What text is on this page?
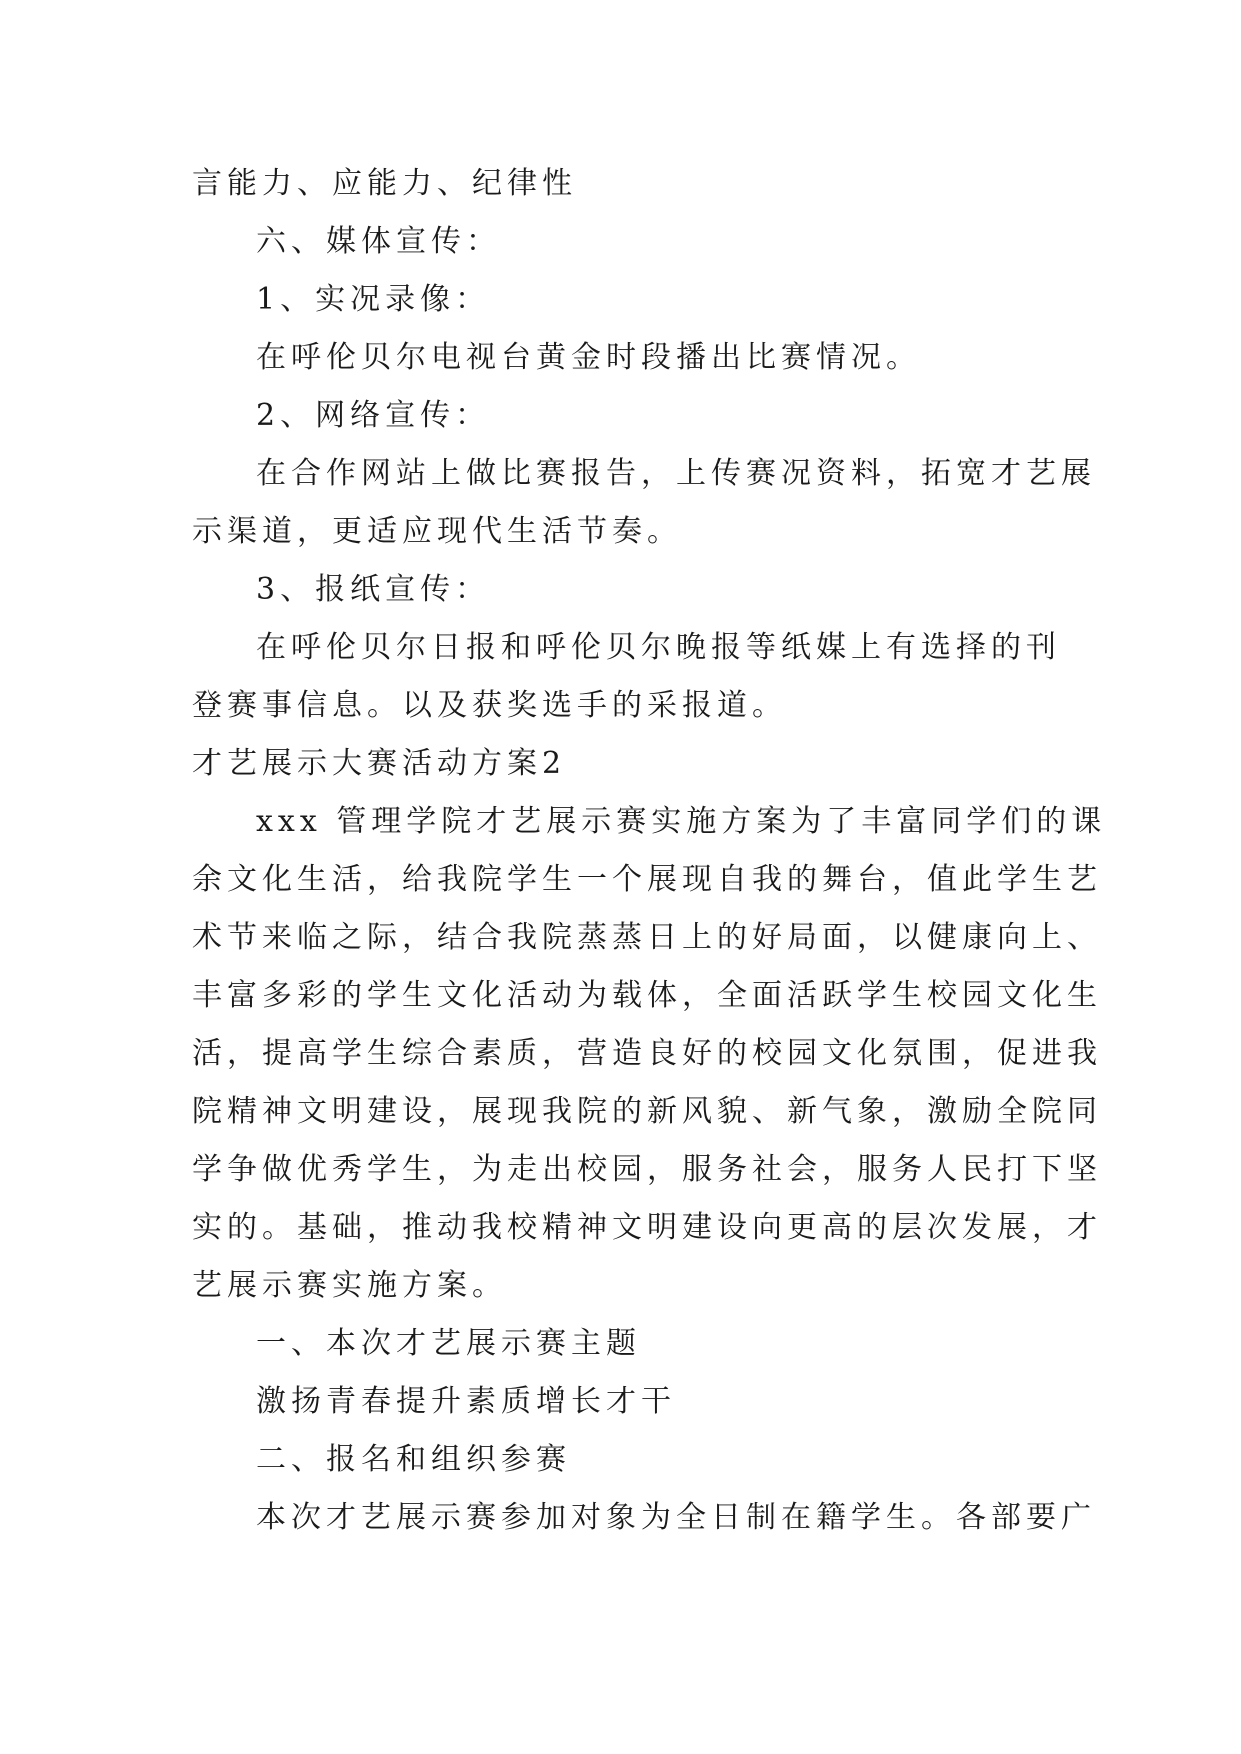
言能力、应能力、纪律性
六、媒体宣传：
1、实况录像：
在呼伦贝尔电视台黄金时段播出比赛情况。
2、网络宣传：
在合作网站上做比赛报告，上传赛况资料，拓宽才艺展
示渠道，更适应现代生活节奏。
3、报纸宣传：
在呼伦贝尔日报和呼伦贝尔晚报等纸媒上有选择的刊
登赛事信息。以及获奖选手的采报道。
才艺展示大赛活动方案2
xxx 管理学院才艺展示赛实施方案为了丰富同学们的课
余文化生活，给我院学生一个展现自我的舞台，值此学生艺
术节来临之际，结合我院蒸蒸日上的好局面，以健康向上、
丰富多彩的学生文化活动为载体，全面活跃学生校园文化生
活，提高学生综合素质，营造良好的校园文化氛围，促进我
院精神文明建设，展现我院的新风貌、新气象，激励全院同
学争做优秀学生，为走出校园，服务社会，服务人民打下坚
实的。基础，推动我校精神文明建设向更高的层次发展，才
艺展示赛实施方案。
一、本次才艺展示赛主题
激扬青春提升素质增长才干
二、报名和组织参赛
本次才艺展示赛参加对象为全日制在籍学生。各部要广
